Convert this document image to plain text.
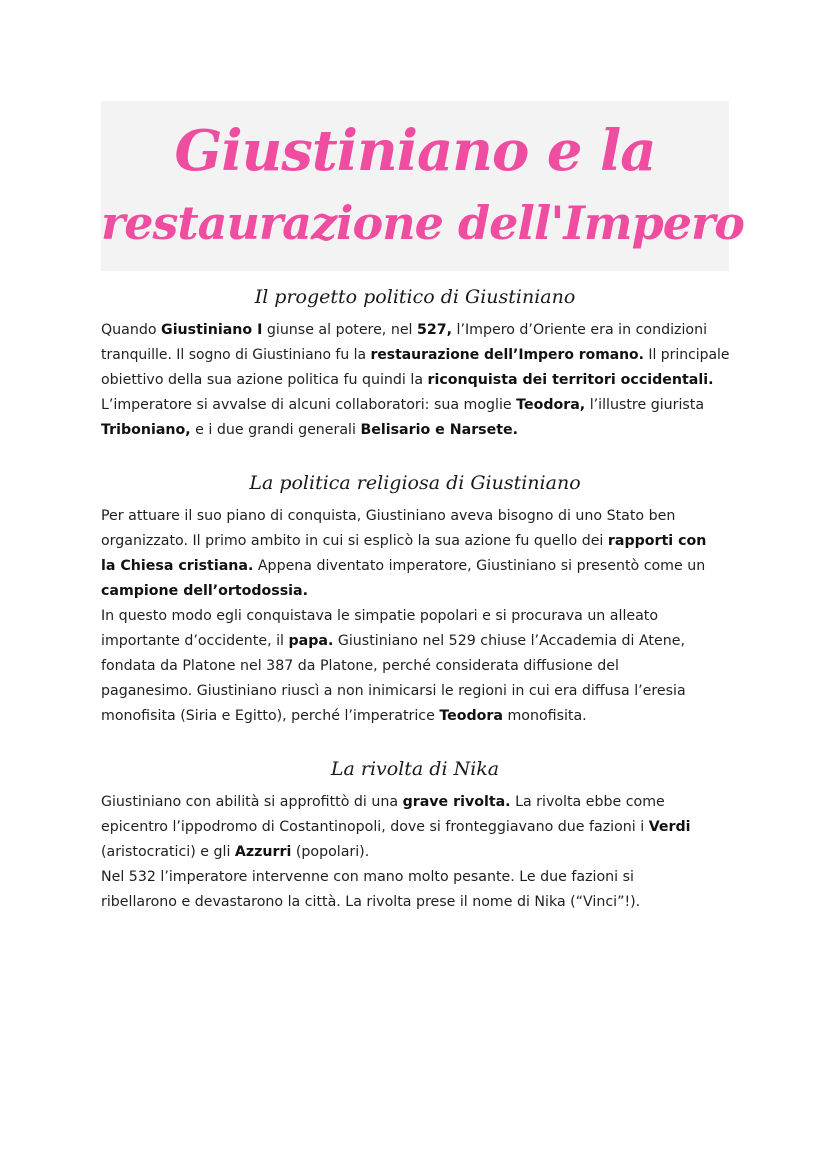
Giustiniano e la
restaurazione dell'Impero
Il progetto politico di Giustiniano
Quando Giustiniano I giunse al potere, nel 527, l’Impero d’Oriente era in condizioni
tranquille. Il sogno di Giustiniano fu la restaurazione dell’Impero romano. Il principale
obiettivo della sua azione politica fu quindi la riconquista dei territori occidentali.
L’imperatore si avvalse di alcuni collaboratori: sua moglie Teodora, l’illustre giurista
Triboniano, e i due grandi generali Belisario e Narsete.
La politica religiosa di Giustiniano
Per attuare il suo piano di conquista, Giustiniano aveva bisogno di uno Stato ben
organizzato. Il primo ambito in cui si esplicò la sua azione fu quello dei rapporti con
la Chiesa cristiana. Appena diventato imperatore, Giustiniano si presentò come un
campione dell’ortodossia.
In questo modo egli conquistava le simpatie popolari e si procurava un alleato
importante d’occidente, il papa. Giustiniano nel 529 chiuse l’Accademia di Atene,
fondata da Platone nel 387 da Platone, perché considerata diffusione del
paganesimo. Giustiniano riuscì a non inimicarsi le regioni in cui era diffusa l’eresia
monofisita (Siria e Egitto), perché l’imperatrice Teodora monofisita.
La rivolta di Nika
Giustiniano con abilità si approfittò di una grave rivolta. La rivolta ebbe come
epicentro l’ippodromo di Costantinopoli, dove si fronteggiavano due fazioni i Verdi
(aristocratici) e gli Azzurri (popolari).
Nel 532 l’imperatore intervenne con mano molto pesante. Le due fazioni si
ribellarono e devastarono la città. La rivolta prese il nome di Nika (“Vinci”!).
